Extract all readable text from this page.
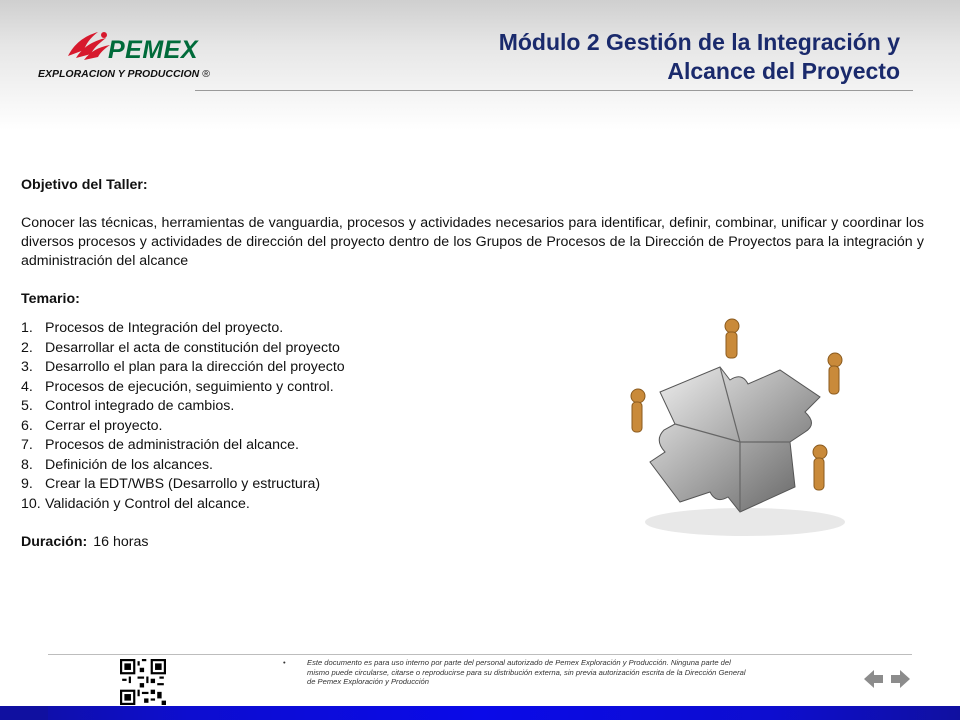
PEMEX
EXPLORACION Y PRODUCCION ®
Módulo 2 Gestión de la Integración y
Alcance del Proyecto
Objetivo del Taller:
Conocer las técnicas, herramientas de vanguardia, procesos y actividades necesarios para identificar, definir, combinar, unificar y coordinar los diversos procesos y actividades de dirección del proyecto dentro de los Grupos de Procesos de la Dirección de Proyectos para la integración y administración del alcance
Temario:
1. Procesos de Integración del proyecto.
2. Desarrollar el acta de constitución del proyecto
3. Desarrollo el plan para la dirección del proyecto
4. Procesos de ejecución, seguimiento y control.
5. Control integrado de cambios.
6. Cerrar el proyecto.
7. Procesos de administración del alcance.
8. Definición de los alcances.
9. Crear la EDT/WBS (Desarrollo y estructura)
10. Validación y Control del alcance.
Duración: 16 horas
•	Este documento es para uso interno por parte del personal autorizado de Pemex Exploración y Producción. Ninguna parte del mismo puede circularse, citarse o reproducirse para su distribución externa, sin previa autorización escrita de la Dirección General de Pemex Exploración y Producción
